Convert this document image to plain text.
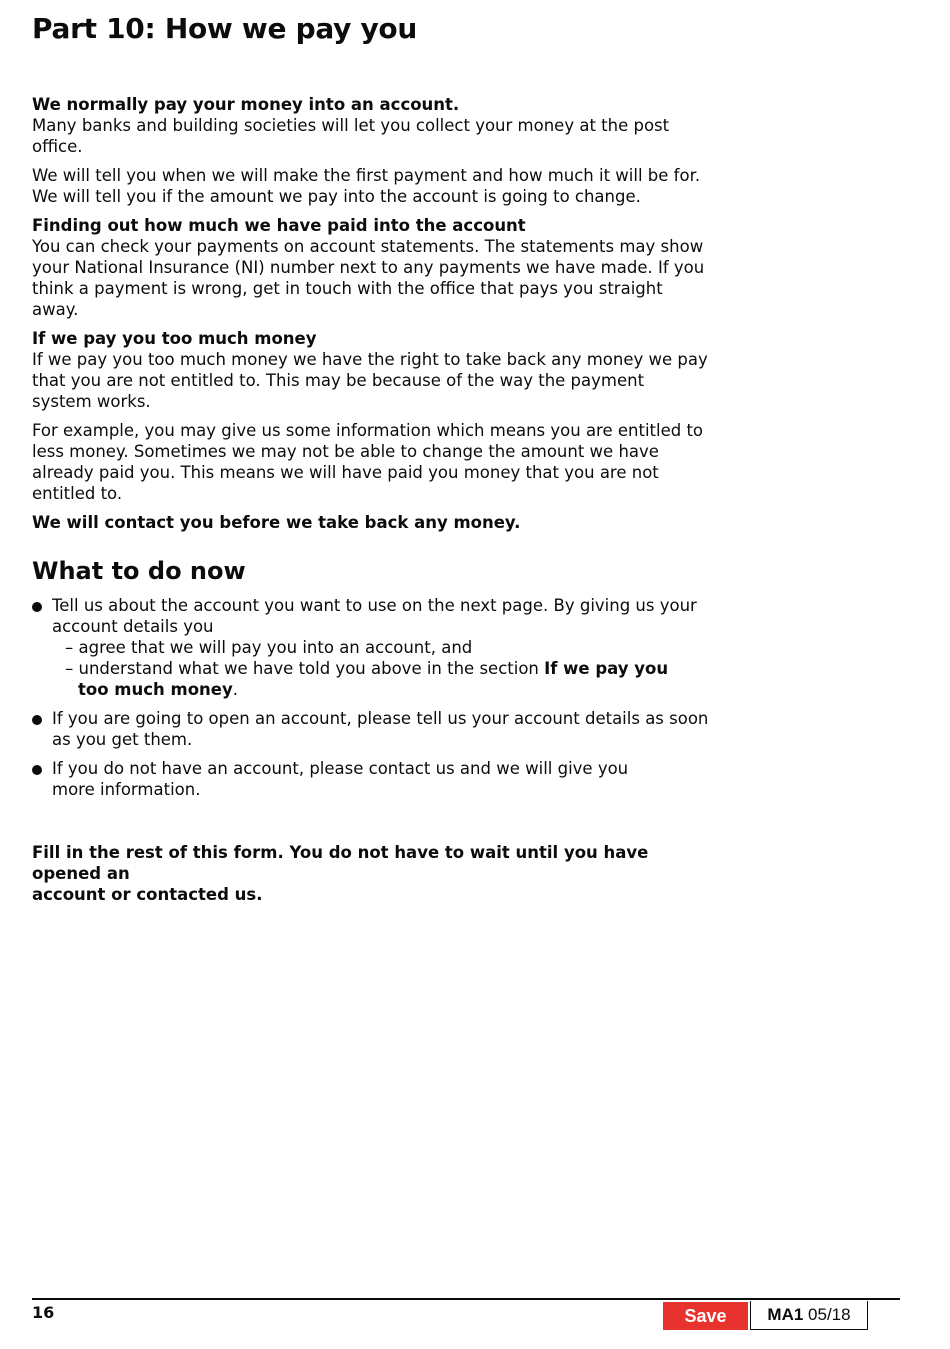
Part 10: How we pay you

We normally pay your money into an account.

Many banks and building societies will let you collect your money at the post office.

We will tell you when we will make the first payment and how much it will be for.

We will tell you if the amount we pay into the account is going to change.

Finding out how much we have paid into the account

You can check your payments on account statements. The statements may show

your National Insurance (NI) number next to any payments we have made. If you

think a payment is wrong, get in touch with the office that pays you straight away.

If we pay you too much money

If we pay you too much money we have the right to take back any money we pay

that you are not entitled to. This may be because of the way the payment

system works.

For example, you may give us some information which means you are entitled to

less money. Sometimes we may not be able to change the amount we have

already paid you. This means we will have paid you money that you are not

entitled to.

We will contact you before we take back any money.

What to do now
Tell us about the account you want to use on the next page. By giving us your
account details you
– agree that we will pay you into an account, and
– understand what we have told you above in the section If we pay you
too much money.
If you are going to open an account, please tell us your account details as soon
as you get them.
If you do not have an account, please contact us and we will give you
more information.

Fill in the rest of this form. You do not have to wait until you have opened an

account or contacted us.

16	Save	MA1
05/18
